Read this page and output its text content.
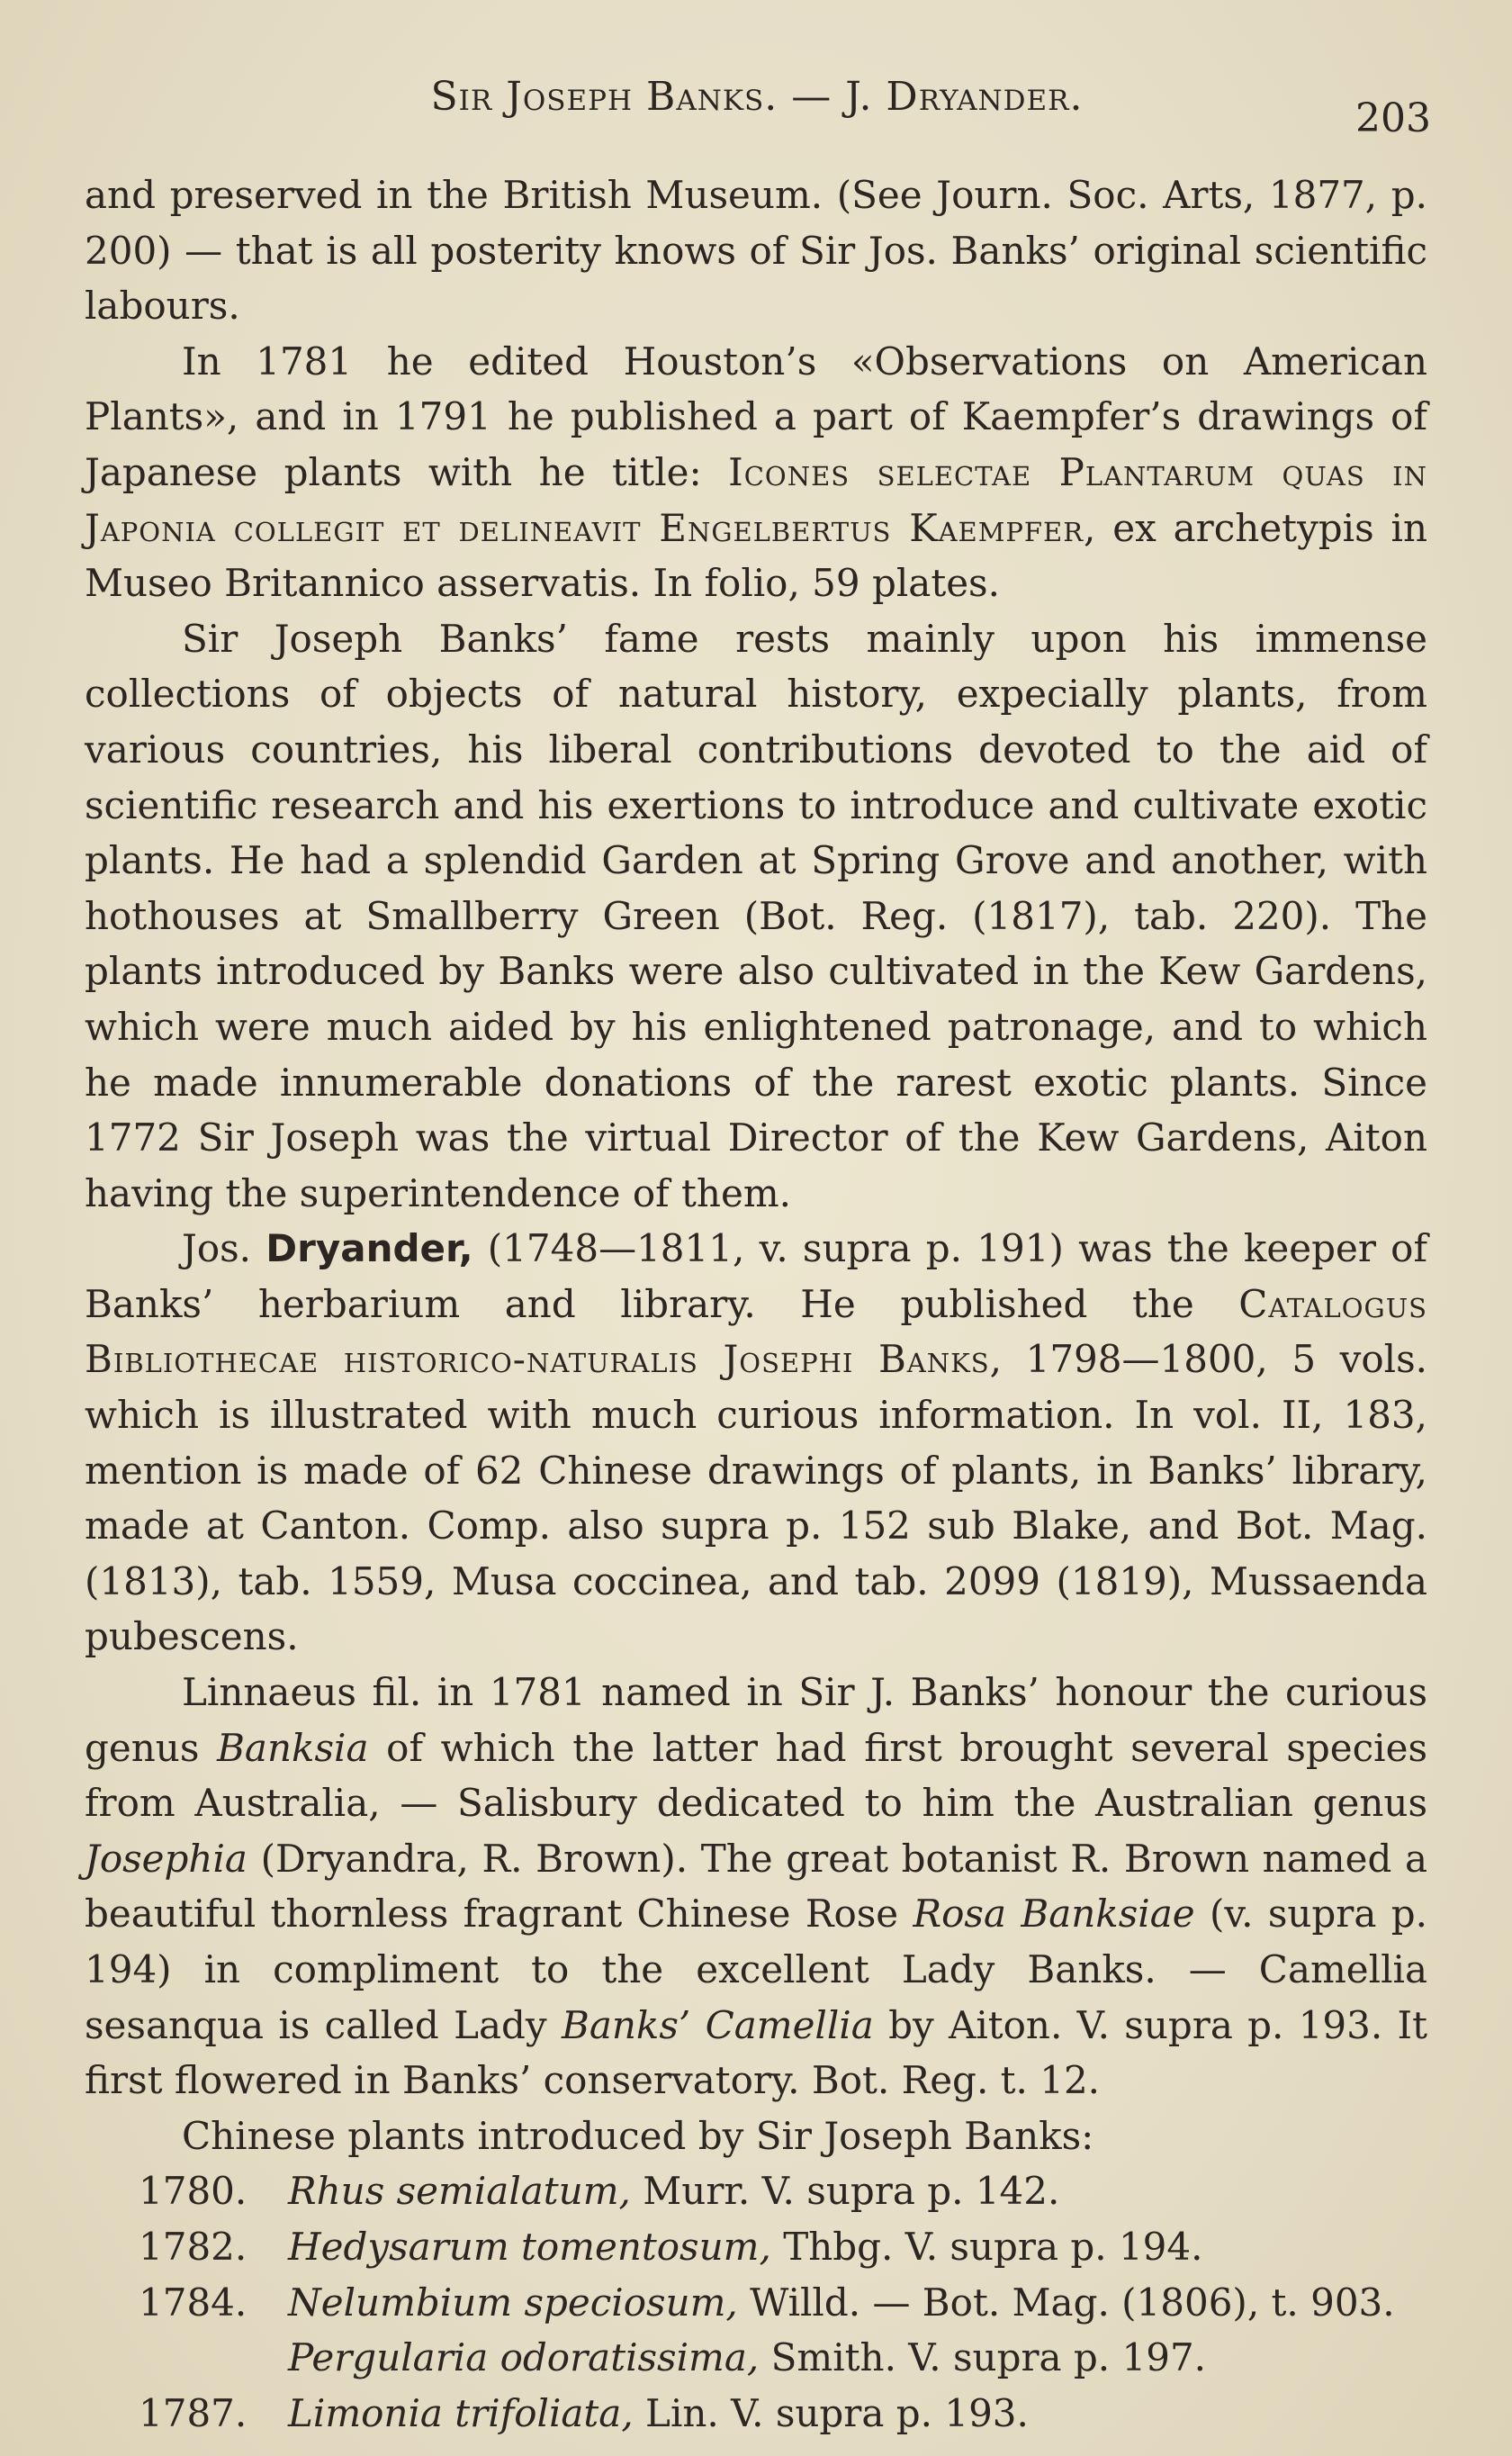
Sir Joseph Banks. — J. Dryander.	203

and preserved in the British Museum. (See Journ. Soc. Arts, 1877, p. 200) — that is all posterity knows of Sir Jos. Banks’ original scientific labours.

In 1781 he edited Houston’s «Observations on American Plants», and in 1791 he published a part of Kaempfer’s drawings of Japanese plants with he title: Icones selectae Plantarum quas in Japonia collegit et delineavit Engelbertus Kaempfer, ex archetypis in Museo Britannico asservatis. In folio, 59 plates.

Sir Joseph Banks’ fame rests mainly upon his immense collections of objects of natural history, expecially plants, from various countries, his liberal contributions devoted to the aid of scientific research and his exertions to introduce and cultivate exotic plants. He had a splendid Garden at Spring Grove and another, with hothouses at Smallberry Green (Bot. Reg. (1817), tab. 220). The plants introduced by Banks were also cultivated in the Kew Gardens, which were much aided by his enlightened patronage, and to which he made innumerable donations of the rarest exotic plants. Since 1772 Sir Joseph was the virtual Director of the Kew Gardens, Aiton having the superintendence of them.

Jos. Dryander, (1748—1811, v. supra p. 191) was the keeper of Banks’ herbarium and library. He published the Catalogus Bibliothecae historico-naturalis Josephi Banks, 1798—1800, 5 vols. which is illustrated with much curious information. In vol. II, 183, mention is made of 62 Chinese drawings of plants, in Banks’ library, made at Canton. Comp. also supra p. 152 sub Blake, and Bot. Mag. (1813), tab. 1559, Musa coccinea, and tab. 2099 (1819), Mussaenda pubescens.

Linnaeus fil. in 1781 named in Sir J. Banks’ honour the curious genus Banksia of which the latter had first brought several species from Australia, — Salisbury dedicated to him the Australian genus Josephia (Dryandra, R. Brown). The great botanist R. Brown named a beautiful thornless fragrant Chinese Rose Rosa Banksiae (v. supra p. 194) in compliment to the excellent Lady Banks. — Camellia sesanqua is called Lady Banks’ Camellia by Aiton. V. supra p. 193. It first flowered in Banks’ conservatory. Bot. Reg. t. 12.

Chinese plants introduced by Sir Joseph Banks:

1780.	Rhus semialatum, Murr. V. supra p. 142.
1782.	Hedysarum tomentosum, Thbg. V. supra p. 194.
1784.	Nelumbium speciosum, Willd. — Bot. Mag. (1806), t. 903.
Pergularia odoratissima, Smith. V. supra p. 197.
1787.	Limonia trifoliata, Lin. V. supra p. 193.
